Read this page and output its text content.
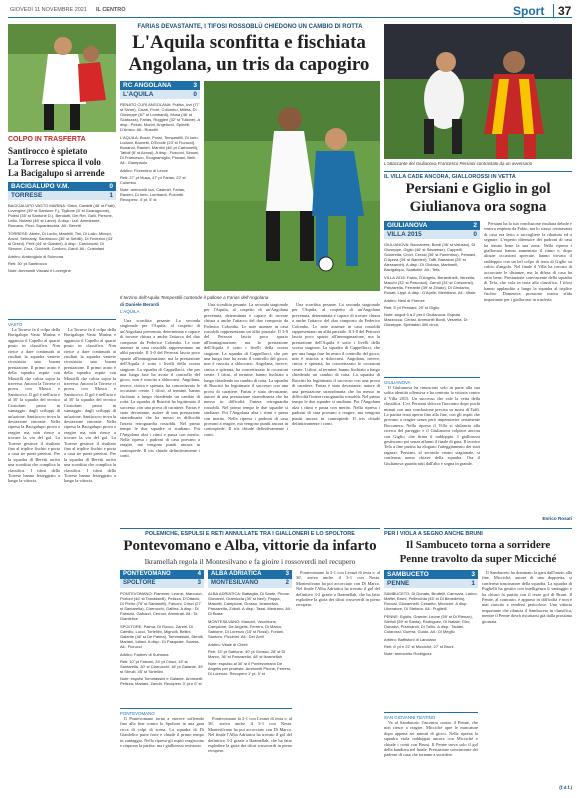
GIOVEDÌ 11 NOVEMBRE 2021 IL CENTRO	Sport	37
FARIAS DEVASTANTE, I TIFOSI ROSSOBLÙ CHIEDONO UN CAMBIO DI ROTTA
L'Aquila sconfitta e fischiata
Angolana, un tris da capogiro
L'attaccante del Giulianova Francesco Persiani contrastato da un avversario
RC ANGOLANA	3
L'AQUILA	0
RENATO CURI ANGOLANA: Pulitta, Izzi (77' st Sivori), Cisari, Fiore, Colombo, Mileta, Di Giuseppe (67' st Lombardi), Musa (46' st Scatozza), Farias, Ruggieri (32' st Tullone). A disp.: Pelusi, Morini, Angelucci, Spinelli, D'Amico. All.: Ruscitti
L'AQUILA: Bosio, Possi, Tempestilli, Di Iorio, Luciani, Brunetti, D'Ercole (23' st Fiorucci), Bonanni, Ranieri, Mantini (46' pt Carbonelli), Tattoli (8' st Acrosi). A disp.: Fusconi, Simoni, Di Francesco, Scognamiglio, Piovani, Belli. All.: Giampaolo
Arbitro: Fiorentino di Lecce
Reti: 27' pt Musa, 47' pt Farias, 22' st Colombo
Note: ammoniti Izzi, Casimiri, Farias, Ranieri, Di Iorio, Lombardi, Polombi. Recupero: 4' pt, 5' st
Il terzino dell'Aquila Tempestilli contende il pallone a Farias dell'Angolana
di Daniele Berardi
L'AQUILA

Una sconfitta pesante. La seconda stagionale per l'Aquila, al cospetto di un'Angolana prevenuta, determinata e capace di trovare chiusa a anche l'attacco del duo composto da Federico Colombo. Le note assenze in casa rossoblù rappresentano un alibi parziale. Il 3-0 del Petrozzi lascia poco spazio all'immaginazione, ma la prestazione dell'Aquila è sotto i livelli della scorsa stagione. La squadra di Cappellacci, che per una lunga fase ha avuto il controllo del gioco, non è riuscita a sbloccarsi. Angolana, invece, cinica e spietata, ha concretizzato le occasioni create. I tifosi, al termine, hanno fischiato a lungo chiedendo un cambio di rotta. La squadra di Ruscitti ha legittimato il successo con una prova di carattere. Farias è stato devastante, autore di una prestazione straordinaria che ha messo in difficoltà l'intera retroguardia rossoblù. Nel primo tempo le due squadre si studiano. Poi l'Angolana alza i ritmi e passa con merito. Nella ripresa i padroni di casa provano a reagire, ma vengono puniti ancora in contropiede. Il tris chiude definitivamente i conti.

Una sconfitta pesante. La seconda stagionale per l'Aquila, al cospetto di un'Angolana prevenuta, determinata e capace di trovare chiusa a anche l'attacco del duo composto da Federico Colombo. Le note assenze in casa rossoblù rappresentano un alibi parziale. Il 3-0 del Petrozzi lascia poco spazio all'immaginazione, ma la prestazione dell'Aquila è sotto i livelli della scorsa stagione. La squadra di Cappellacci, che per una lunga fase ha avuto il controllo del gioco, non è riuscita a sbloccarsi. Angolana, invece, cinica e spietata, ha concretizzato le occasioni create. I tifosi, al termine, hanno fischiato a lungo chiedendo un cambio di rotta. La squadra di Ruscitti ha legittimato il successo con una prova di carattere. Farias è stato devastante, autore di una prestazione straordinaria che ha messo in difficoltà l'intera retroguardia rossoblù. Nel primo tempo le due squadre si studiano. Poi l'Angolana alza i ritmi e passa con merito. Nella ripresa i padroni di casa provano a reagire, ma vengono puniti ancora in contropiede. Il tris chiude definitivamente i conti.

Una sconfitta pesante. La seconda stagionale per l'Aquila, al cospetto di un'Angolana prevenuta, determinata e capace di trovare chiusa a anche l'attacco del duo composto da Federico Colombo. Le note assenze in casa rossoblù rappresentano un alibi parziale. Il 3-0 del Petrozzi lascia poco spazio all'immaginazione, ma la prestazione dell'Aquila è sotto i livelli della scorsa stagione. La squadra di Cappellacci, che per una lunga fase ha avuto il controllo del gioco, non è riuscita a sbloccarsi. Angolana, invece, cinica e spietata, ha concretizzato le occasioni create. I tifosi, al termine, hanno fischiato a lungo chiedendo un cambio di rotta. La squadra di Ruscitti ha legittimato il successo con una prova di carattere. Farias è stato devastante, autore di una prestazione straordinaria che ha messo in difficoltà l'intera retroguardia rossoblù. Nel primo tempo le due squadre si studiano. Poi l'Angolana alza i ritmi e passa con merito. Nella ripresa i padroni di casa provano a reagire, ma vengono puniti ancora in contropiede. Il tris chiude definitivamente i conti.

COLPO IN TRASFERTA
Santirocco è spietato
La Torrese spicca il volo
La Bacigalupo si arrende
BACIGALUPO V.M.	0
TORRESE	1
BACIGALUPO VASTO MARINA: Sirba, Cardelli (46' st Frati), Lovergine (39' st Santone F.), Tiglione (8' st Guaragnone), Polesi (35' st Santone D.), Bendotti, Del Rei, Galli, Pierone, Letto, Notarsi (46' st Lanni). A disp.: Izzi, Ammirante, Romano, Picci, Squartecchia. All.: Beretti
TORRESE: Abete, Di Lorito, Mastrilli, Tini, Di Lallo, Minopi, Anzoi, Selmaniy, Santirocco (30' st Sebilli), Di Federico (43' st Orsini), Preti (44' st Giardini). A disp.: Cardoncini, Di Simone, Cruz, Cicchelli, Cordoni, Gardi. All.: Cristofani
Arbitro: Ambrogiolo di Sulmona
Reti: 30' pt Santirocco
Note: Ammoniti Viscasi e Lovergine
VASTO

La Torrese fa il colpo della Bacigalupo Vasto Marina e aggancia il Capello al quarto posto in classifica. Non riesce a dare continuità ai risultati la squadra vastese ricostruita una buona prestazione. Il primo acuto è della squadra ospite con Mastrilli che calcia sopra la traversa. Ancora la Torrese ci prova con Mosca e Santirocco. Il gol è nell'aria e al 30' la squadra del tecnico Cristofani passa in vantaggio: dagli sviluppi di un'azione, Santirocco trova la deviazione vincente. Nella ripresa la Bacigalupo prova a reagire ma non riesce a trovare la via del gol. La Torrese gestisce il risultato fino al triplice fischio e porta a casa tre punti preziosi. Per la squadra di Beretti arriva una sconfitta che complica la classifica. I tifosi della Torrese hanno festeggiato a lungo la vittoria.

La Torrese fa il colpo della Bacigalupo Vasto Marina e aggancia il Capello al quarto posto in classifica. Non riesce a dare continuità ai risultati la squadra vastese ricostruita una buona prestazione. Il primo acuto è della squadra ospite con Mastrilli che calcia sopra la traversa. Ancora la Torrese ci prova con Mosca e Santirocco. Il gol è nell'aria e al 30' la squadra del tecnico Cristofani passa in vantaggio: dagli sviluppi di un'azione, Santirocco trova la deviazione vincente. Nella ripresa la Bacigalupo prova a reagire ma non riesce a trovare la via del gol. La Torrese gestisce il risultato fino al triplice fischio e porta a casa tre punti preziosi. Per la squadra di Beretti arriva una sconfitta che complica la classifica. I tifosi della Torrese hanno festeggiato a lungo la vittoria.

IL VILLA CADE ANCORA, GIALLOROSSI IN VETTA
Persiani e Giglio in gol
Giulianova ora sogna
GIULIANOVA	2
VILLA 2015	0
GIULIANOVA: Boccanera, Bordi (36' st Valusso), Di Giuseppe, Giglio (46' st Savarese), Cappelli, Sciarretta, Crovi, Cerasi (36' st Fiorentino), Persiani, D'Aprea (39' st Barbieri), Taffi, Bartaloni (25' st Alessandri). A disp.: Di Gioiosa, Martinelli, Bacigalupo, Scattolini. All.: Tefa
VILLA 2015: Fabio, D'Angelo, Berardinelli, Verzella, Macchi (32' st Pescosol), Zarroli (31' st Crescenzi), Panzarella, Ferrante (39' st Zinato), Di Girolamo, Rosati, Lippi. A disp.: D'Aprile, Meridiano. All.: Vitale
Arbitro: Nesi di Firenze
Reti: 5' pt Persiani, 29' st Giglio
Note: angoli 5 a 2 per il Giulianova. Espulsi Mazzocca, Cerasi. Ammoniti Bordi, Verzella, Di Giuseppe. Spettatori 300 circa.
GIULIANOVA

Il Giulianova ha rinunciato solo in parte alla sua solita identità offensiva e ha centrato la vittoria contro il Villa 2015. Un successo che vale la vetta della classifica. L'ex Persiani sblocca l'incontro dopo pochi minuti con una conclusione precisa su assist di Taffi. La partita resta aperta fino alla fine, con gli ospiti che provano a reagire senza però impensierire seriamente Boccanera. Nella ripresa il Villa si sbilancia alla ricerca del pareggio e il Giulianova colpisce ancora con Giglio, che firma il raddoppio. I giallorossi gestiscono poi senza affanni il finale di gara. Il tecnico Tefa a fine partita ha elogiato l'atteggiamento dei suoi ragazzi. Persiani, al secondo centro stagionale, si conferma uomo chiave della squadra. Ora il Giulianova guarda tutti dall'alto e sogna in grande.

Persiani ha la sua conclusione risultata debole e veniva respinta da Fabio, ma lo stesso centravanti di casa era lesto a raccogliere la ribattuta ed a segnare. L'esperto difensore dei padroni di casa ha tenuto bene la sua zona. Nella ripresa i giallorossi hanno aumentato il ritmo e, dopo alcune occasioni sprecate, hanno trovato il raddoppio con un bel colpo di testa di Giglio su calcio d'angolo. Nel finale il Villa ha cercato di accorciare le distanze, ma la difesa di casa ha retto bene. Prestazione convincente della squadra di Tefa, che vola in testa alla classifica. I tifosi hanno applaudito a lungo la squadra al triplice fischio. Domenica prossima nuova sfida importante per i giallorossi in trasferta.

Enrico Rosati
POLEMICHE, ESPULSI E RETI ANNULLATE TRA I GIALLONERI E LO SPOLTORE
Pontevomano e Alba, vittorie da infarto
Ikramellah regola il Montesilvano e fa gioire i rossoverdi nel recupero
PONTEVOMANO	4
SPOLTORE	3
PONTEVOMANO: Fiammer, Leonzi, Marcucci, Portoni (46' st Tomasselli), Pelizza, D'Ottavio, Di Pietro (76' st Santarelli), Falconi, Crisci (27' st Santarella), Ciarrocchi, Gallina. A disp.: Di Fabrizio, Galluzzi, Cerroni, Ammirati. All.: Di Gianfelice
SPOLTORE: Palma, Di Rocco, Zandri, Di Camillo, Lucci, Tortellini, Mignolli, Bellini, Galante (46' st De Palma), Tommassini, Sbrulli, Mariani, Iuliani. A disp.: Di Pasquale, Sciarra. All.: Fiorucci
Arbitro: Fadeev di Sulmona
Reti: 10' pt Falconi, 24' pt Crisci, 15' st Santarella, 30' st Ciarrocchi; 18' pt Galante, 39' st Sbrulli, 45' st Tortellini
Note: espulsi Tommassini e Galante. Ammoniti Pelizza, Mariani, Zandri. Recupero 3' pt e 6' st
ALBA ADRIATICA	3
MONTESILVANO	2
ALBA ADRIATICA: Battaglia, Di Sante, Pirone, Giovanni, Gramiccia (39' st Neri), Pappa, Mascitti, Camplone, Grosso, Ikramellah, Panzarella, Zoboli. A disp.: Tassi, Medrano. All.: Di Biase
MONTESILVANO: Mancini, Vecchione, Camplone, De Angelis, Ferrero, Di Marco, Sablone, Di Lorenzo (15' st Rossi), Forlani, Santoro, Piccinini. All.: Del Zotti
Arbitro: Vitale di Chieti
Reti: 15' pt Sablone, 40' pt Grosso, 28' st Di Marco, 36' st Panzarella, 48' st Ikramellah
Note: espulso al 30' st il Pontevomano De Angelis per proteste. Ammoniti Pirone, Ferrero, Di Lorenzo. Recupero 1' pt, 5' st
PONTEVOMANO

Il Pontevomano torna a vincere soffrendo fino alla fine contro lo Spoltore in una gara ricca di colpi di scena. La squadra di Di Gianfelice parte forte e chiude il primo tempo in vantaggio. Nella ripresa gli ospiti reagiscono e riaprono la partita, ma i giallorossi resistono.

Pontevomano fa 2-1 con Leonzi di testa e, al 36', arriva anche il 3-1 con Nesta. Montesilvano ha poi accorciato con Di Marco. Nel finale l'Alba Adriatica ha trovato il gol del definitivo 3-2 grazie a Ikramellah, che ha fatto esplodere la gioia dei tifosi rossoverdi in pieno recupero.

Pontevomano fa 2-1 con Leonzi di testa e, al 36', arriva anche il 3-1 con Nesta. Montesilvano ha poi accorciato con Di Marco. Nel finale l'Alba Adriatica ha trovato il gol del definitivo 3-2 grazie a Ikramellah, che ha fatto esplodere la gioia dei tifosi rossoverdi in pieno recupero.

PER I VIOLA A SEGNO ANCHE BRUNI
Il Sambuceto torna a sorridere
Penne travolto da super Micciché
SAMBUCETO	3
PENNE	1
SAMBUCETO: Di Donato, Bruttelli, Carrozza, Larino, Maffei, Bruni, Pellecchia (45' st Di Benedetto), Roncal, Giovannelli, Cesarito, Micciché. A disp.: Liberatore, Di Stefano. All.: Puglielli
PENNE: Egidio, Grande, Leone (59' st Di Rienzo), Stelloli (59' st Santa), Rodriguez, Di Natale, Giro, Donativi, Pizzicaroli, Di Tullio. A disp.: Taddei, Colarossi, Guerra, Guido. All.: Di Meglio
Arbitro: Battistoni di Lanciano
Reti: 6' pt e 22' st Micciché, 27' st Bruni
Note: ammonito Rodriguez
SAN GIOVANNI TEATINO

Va al Sambuceto l'incontro contro il Penne, che non riesce a reagire. Micciché apre le marcature dopo appena sei minuti di gioco. Nella ripresa la squadra viola raddoppia ancora con Micciché e chiude i conti con Bruni. Il Penne trova solo il gol della bandiera nel finale. Prestazione convincente dei padroni di casa che tornano a sorridere.

Il Sambuceto ha dominato la gara dall'inizio alla fine. Micciché, autore di una doppietta, si conferma trascinatore della squadra. La squadra di Puglielli ha gestito con intelligenza il vantaggio e ha chiuso la partita con il terzo gol di Bruni. Il Penne, al contrario, è apparso in difficoltà e non è mai riuscito a rendersi pericoloso. Una vittoria importante che rilancia il Sambuceto in classifica, mentre il Penne dovrà riscattarsi già dalla prossima giornata.

(f.d.f.)
